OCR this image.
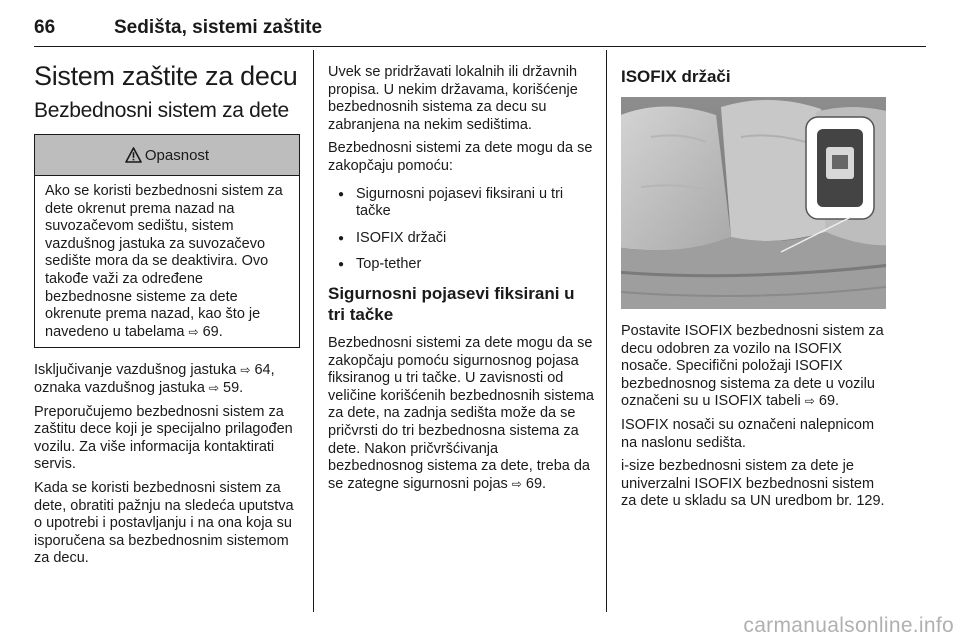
66	Sedišta, sistemi zaštite
Sistem zaštite za decu
Bezbednosni sistem za dete
Opasnost

Ako se koristi bezbednosni sistem za dete okrenut prema nazad na suvozačevom sedištu, sistem vazdušnog jastuka za suvozačevo sedište mora da se deaktivira. Ovo takođe važi za određene bezbednosne sisteme za dete okrenute prema nazad, kao što je navedeno u tabelama ⇨ 69.

Isključivanje vazdušnog jastuka ⇨ 64, oznaka vazdušnog jastuka ⇨ 59.

Preporučujemo bezbednosni sistem za zaštitu dece koji je specijalno prilagođen vozilu. Za više informacija kontaktirati servis.

Kada se koristi bezbednosni sistem za dete, obratiti pažnju na sledeća uputstva o upotrebi i postavljanju i na ona koja su isporučena sa bezbednosnim sistemom za decu.

Uvek se pridržavati lokalnih ili državnih propisa. U nekim državama, korišćenje bezbednosnih sistema za decu su zabranjena na nekim sedištima.

Bezbednosni sistemi za dete mogu da se zakopčaju pomoću:

● Sigurnosni pojasevi fiksirani u tri tačke
● ISOFIX držači
● Top-tether
Sigurnosni pojasevi fiksirani u tri tačke

Bezbednosni sistemi za dete mogu da se zakopčaju pomoću sigurnosnog pojasa fiksiranog u tri tačke. U zavisnosti od veličine korišćenih bezbednosnih sistema za dete, na zadnja sedišta može da se pričvrsti do tri bezbednosna sistema za dete. Nakon pričvršćivanja bezbednosnog sistema za dete, treba da se zategne sigurnosni pojas ⇨ 69.

ISOFIX držači

Postavite ISOFIX bezbednosni sistem za decu odobren za vozilo na ISOFIX nosače. Specifični položaji ISOFIX bezbednosnog sistema za dete u vozilu označeni su u ISOFIX tabeli ⇨ 69.

ISOFIX nosači su označeni nalepnicom na naslonu sedišta.

i-size bezbednosni sistem za dete je univerzalni ISOFIX bezbednosni sistem za dete u skladu sa UN uredbom br. 129.

carmanualsonline.info
